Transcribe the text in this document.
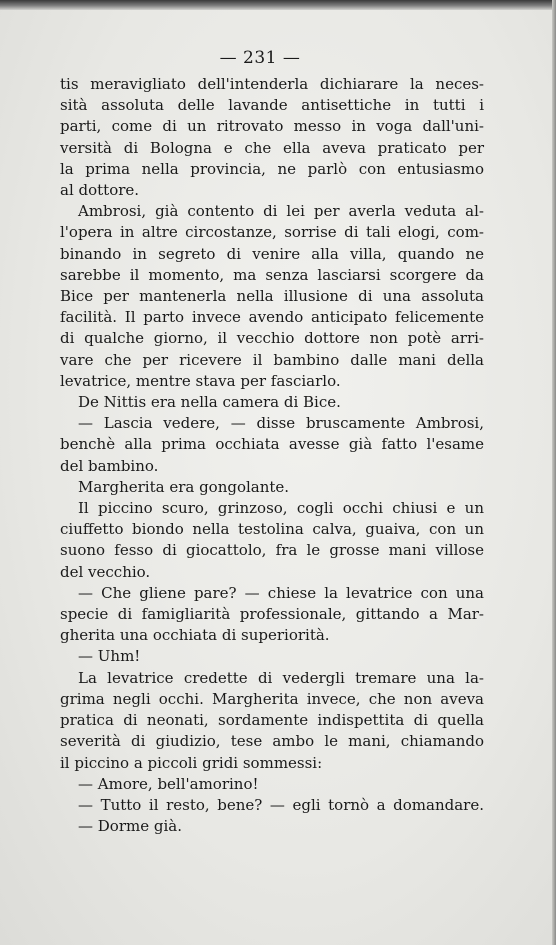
— 231 —

tis meravigliato dell'intenderla dichiarare la neces-

sità assoluta delle lavande antisettiche in tutti i

parti, come di un ritrovato messo in voga dall'uni-

versità di Bologna e che ella aveva praticato per

la prima nella provincia, ne parlò con entusiasmo

al dottore.

Ambrosi, già contento di lei per averla veduta al-

l'opera in altre circostanze, sorrise di tali elogi, com-

binando in segreto di venire alla villa, quando ne

sarebbe il momento, ma senza lasciarsi scorgere da

Bice per mantenerla nella illusione di una assoluta

facilità. Il parto invece avendo anticipato felicemente

di qualche giorno, il vecchio dottore non potè arri-

vare che per ricevere il bambino dalle mani della

levatrice, mentre stava per fasciarlo.

De Nittis era nella camera di Bice.

— Lascia vedere, — disse bruscamente Ambrosi,

benchè alla prima occhiata avesse già fatto l'esame

del bambino.

Margherita era gongolante.

Il piccino scuro, grinzoso, cogli occhi chiusi e un

ciuffetto biondo nella testolina calva, guaiva, con un

suono fesso di giocattolo, fra le grosse mani villose

del vecchio.

— Che gliene pare? — chiese la levatrice con una

specie di famigliarità professionale, gittando a Mar-

gherita una occhiata di superiorità.

— Uhm!

La levatrice credette di vedergli tremare una la-

grima negli occhi. Margherita invece, che non aveva

pratica di neonati, sordamente indispettita di quella

severità di giudizio, tese ambo le mani, chiamando

il piccino a piccoli gridi sommessi:

— Amore, bell'amorino!

— Tutto il resto, bene? — egli tornò a domandare.

— Dorme già.
